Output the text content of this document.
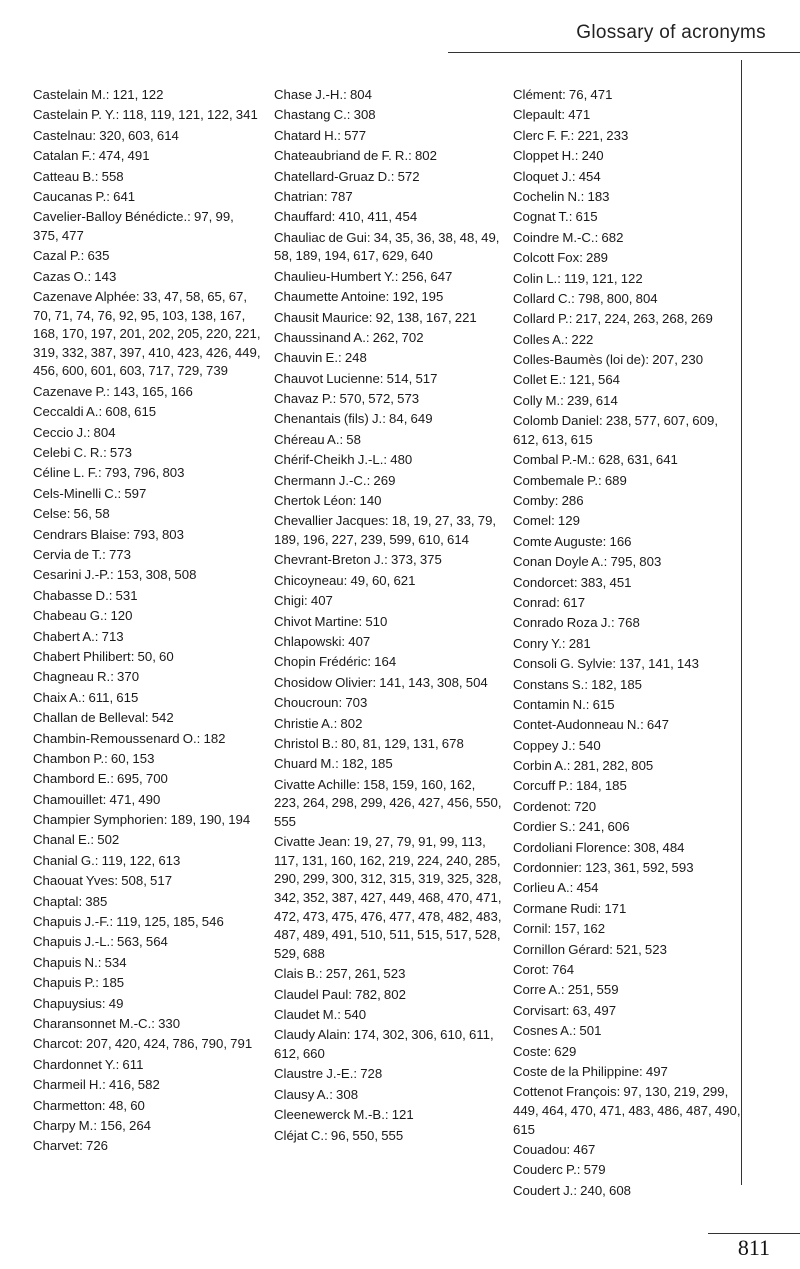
Glossary of acronyms
Castelain M.: 121, 122
Castelain P. Y.: 118, 119, 121, 122, 341
Castelnau: 320, 603, 614
Catalan F.: 474, 491
Catteau B.: 558
Caucanas P.: 641
Cavelier-Balloy Bénédicte.: 97, 99, 375, 477
Cazal P.: 635
Cazas O.: 143
Cazenave Alphée: 33, 47, 58, 65, 67, 70, 71, 74, 76, 92, 95, 103, 138, 167, 168, 170, 197, 201, 202, 205, 220, 221, 319, 332, 387, 397, 410, 423, 426, 449, 456, 600, 601, 603, 717, 729, 739
Cazenave P.: 143, 165, 166
Ceccaldi A.: 608, 615
Ceccio J.: 804
Celebi C. R.: 573
Céline L. F.: 793, 796, 803
Cels-Minelli C.: 597
Celse: 56, 58
Cendrars Blaise: 793, 803
Cervia de T.: 773
Cesarini J.-P.: 153, 308, 508
Chabasse D.: 531
Chabeau G.: 120
Chabert A.: 713
Chabert Philibert: 50, 60
Chagneau R.: 370
Chaix A.: 611, 615
Challan de Belleval: 542
Chambin-Remoussenard O.: 182
Chambon P.: 60, 153
Chambord E.: 695, 700
Chamouillet: 471, 490
Champier Symphorien: 189, 190, 194
Chanal E.: 502
Chanial G.: 119, 122, 613
Chaouat Yves: 508, 517
Chaptal: 385
Chapuis J.-F.: 119, 125, 185, 546
Chapuis J.-L.: 563, 564
Chapuis N.: 534
Chapuis P.: 185
Chapuysius: 49
Charansonnet M.-C.: 330
Charcot: 207, 420, 424, 786, 790, 791
Chardonnet Y.: 611
Charmeil H.: 416, 582
Charmetton: 48, 60
Charpy M.: 156, 264
Charvet: 726
Chase J.-H.: 804
Chastang C.: 308
Chatard H.: 577
Chateaubriand de F. R.: 802
Chatellard-Gruaz D.: 572
Chatrian: 787
Chauffard: 410, 411, 454
Chauliac de Gui: 34, 35, 36, 38, 48, 49, 58, 189, 194, 617, 629, 640
Chaulieu-Humbert Y.: 256, 647
Chaumette Antoine: 192, 195
Chausit Maurice: 92, 138, 167, 221
Chaussinand A.: 262, 702
Chauvin E.: 248
Chauvot Lucienne: 514, 517
Chavaz P.: 570, 572, 573
Chenantais (fils) J.: 84, 649
Chéreau A.: 58
Chérif-Cheikh J.-L.: 480
Chermann J.-C.: 269
Chertok Léon: 140
Chevallier Jacques: 18, 19, 27, 33, 79, 189, 196, 227, 239, 599, 610, 614
Chevrant-Breton J.: 373, 375
Chicoyneau: 49, 60, 621
Chigi: 407
Chivot Martine: 510
Chlapowski: 407
Chopin Frédéric: 164
Chosidow Olivier: 141, 143, 308, 504
Choucroun: 703
Christie A.: 802
Christol B.: 80, 81, 129, 131, 678
Chuard M.: 182, 185
Civatte Achille: 158, 159, 160, 162, 223, 264, 298, 299, 426, 427, 456, 550, 555
Civatte Jean: 19, 27, 79, 91, 99, 113, 117, 131, 160, 162, 219, 224, 240, 285, 290, 299, 300, 312, 315, 319, 325, 328, 342, 352, 387, 427, 449, 468, 470, 471, 472, 473, 475, 476, 477, 478, 482, 483, 487, 489, 491, 510, 511, 515, 517, 528, 529, 688
Clais B.: 257, 261, 523
Claudel Paul: 782, 802
Claudet M.: 540
Claudy Alain: 174, 302, 306, 610, 611, 612, 660
Claustre J.-E.: 728
Clausy A.: 308
Cleenewerck M.-B.: 121
Cléjat C.: 96, 550, 555
Clément: 76, 471
Clepault: 471
Clerc F. F.: 221, 233
Cloppet H.: 240
Cloquet J.: 454
Cochelin N.: 183
Cognat T.: 615
Coindre M.-C.: 682
Colcott Fox: 289
Colin L.: 119, 121, 122
Collard C.: 798, 800, 804
Collard P.: 217, 224, 263, 268, 269
Colles A.: 222
Colles-Baumès (loi de): 207, 230
Collet E.: 121, 564
Colly M.: 239, 614
Colomb Daniel: 238, 577, 607, 609, 612, 613, 615
Combal P.-M.: 628, 631, 641
Combemale P.: 689
Comby: 286
Comel: 129
Comte Auguste: 166
Conan Doyle A.: 795, 803
Condorcet: 383, 451
Conrad: 617
Conrado Roza J.: 768
Conry Y.: 281
Consoli G. Sylvie: 137, 141, 143
Constans S.: 182, 185
Contamin N.: 615
Contet-Audonneau N.: 647
Coppey J.: 540
Corbin A.: 281, 282, 805
Corcuff P.: 184, 185
Cordenot: 720
Cordier S.: 241, 606
Cordoliani Florence: 308, 484
Cordonnier: 123, 361, 592, 593
Corlieu A.: 454
Cormane Rudi: 171
Cornil: 157, 162
Cornillon Gérard: 521, 523
Corot: 764
Corre A.: 251, 559
Corvisart: 63, 497
Cosnes A.: 501
Coste: 629
Coste de la Philippine: 497
Cottenot François: 97, 130, 219, 299, 449, 464, 470, 471, 483, 486, 487, 490, 615
Couadou: 467
Couderc P.: 579
Coudert J.: 240, 608
811
